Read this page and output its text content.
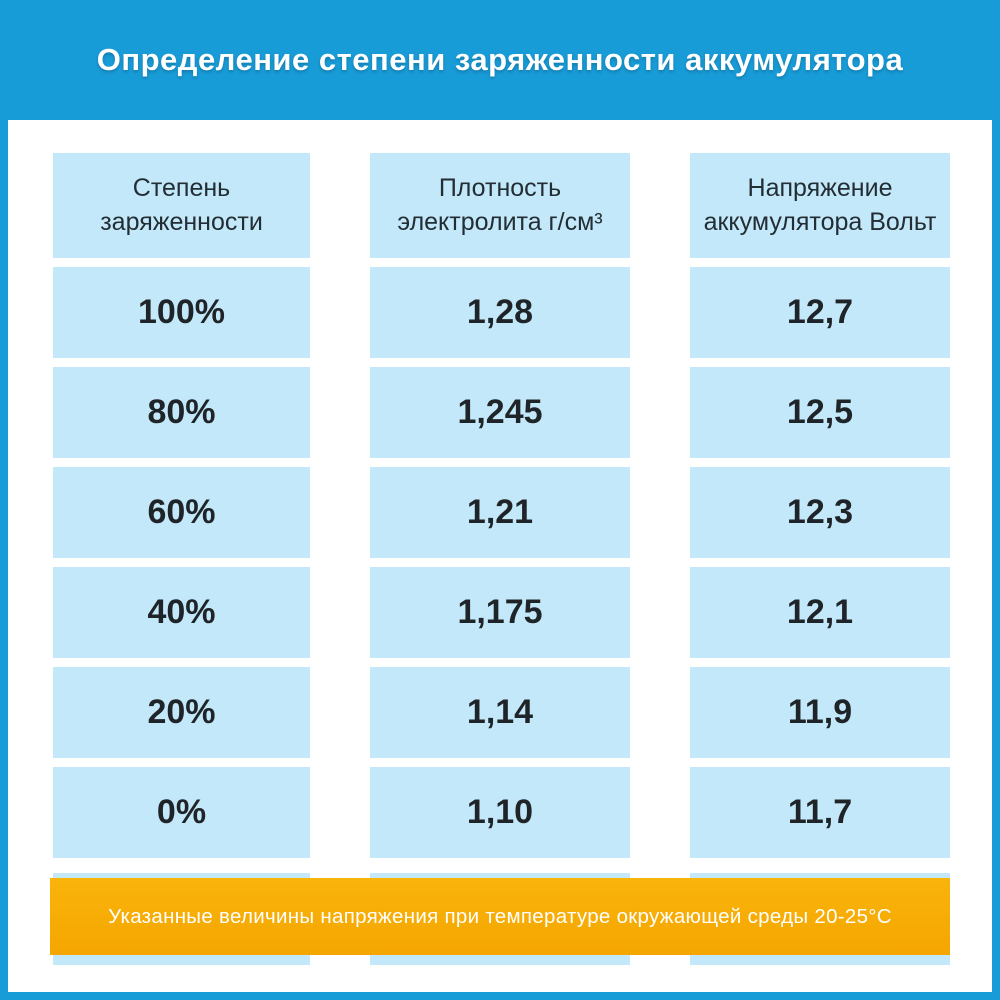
Определение степени заряженности аккумулятора
Степень заряженности
100%
80%
60%
40%
20%
0%
Плотность электролита г/см³
1,28
1,245
1,21
1,175
1,14
1,10
Напряжение аккумулятора Вольт
12,7
12,5
12,3
12,1
11,9
11,7
Указанные величины напряжения при температуре окружающей среды 20-25°С
